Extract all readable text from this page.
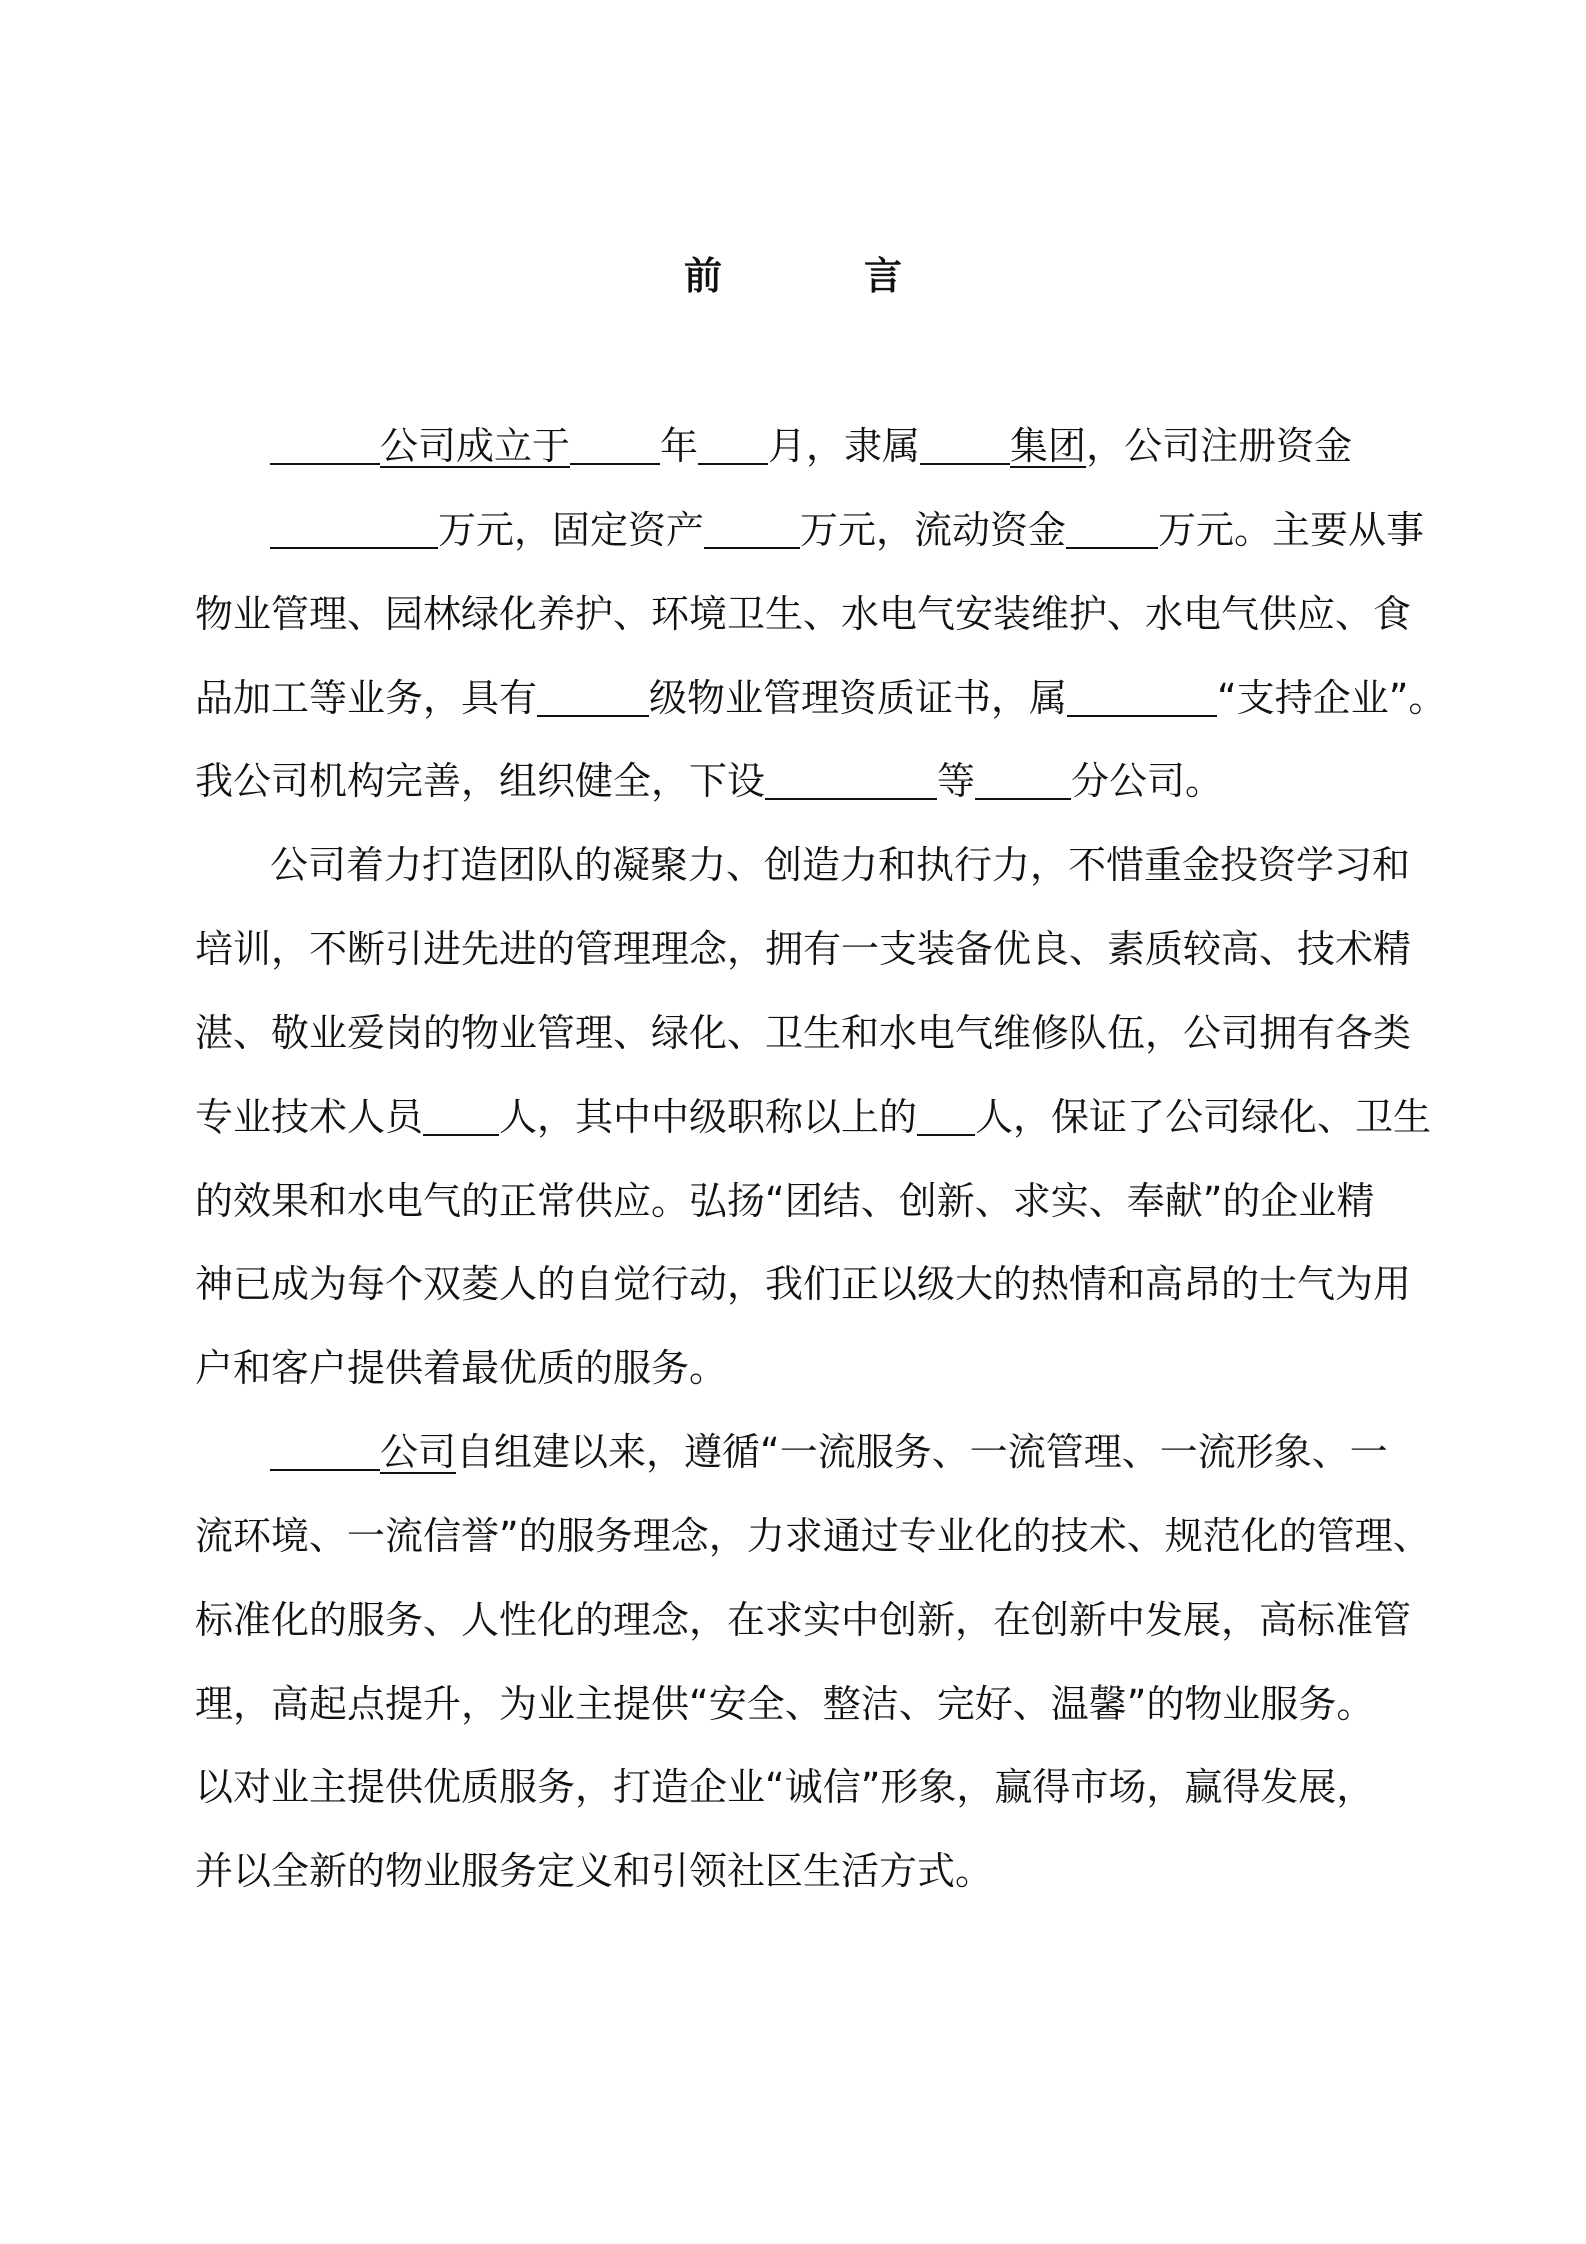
前　言
公司成立于 年 月，隶属 集团，公司注册资金
万元，固定资产	万元，流动资金 万元。主要从事
物业管理、园林绿化养护、环境卫生、水电气安装维护、水电气供应、食
品加工等业务，具有	级物业管理资质证书，属	“支持企业”。
我公司机构完善，组织健全，下设	等	分公司。
公司着力打造团队的凝聚力、创造力和执行力，不惜重金投资学习和
培训，不断引进先进的管理理念，拥有一支装备优良、素质较高、技术精
湛、敬业爱岗的物业管理、绿化、卫生和水电气维修队伍，公司拥有各类
专业技术人员 人，其中中级职称以上的 人，保证了公司绿化、卫生
的效果和水电气的正常供应。弘扬“团结、创新、求实、奉献”的企业精
神已成为每个双菱人的自觉行动，我们正以级大的热情和高昂的士气为用
户和客户提供着最优质的服务。
公司自组建以来，遵循“一流服务、一流管理、一流形象、一
流环境、一流信誉”的服务理念，力求通过专业化的技术、规范化的管理、
标准化的服务、人性化的理念，在求实中创新，在创新中发展，高标准管
理，高起点提升，为业主提供“安全、整洁、完好、温馨”的物业服务。
以对业主提供优质服务，打造企业“诚信”形象，赢得市场，赢得发展，
并以全新的物业服务定义和引领社区生活方式。
